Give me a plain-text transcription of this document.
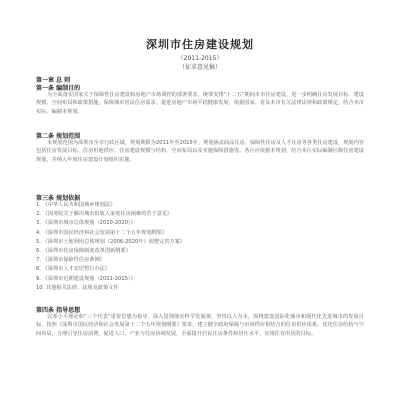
深圳市住房建设规划
（2011-2015）
（征求意见稿）
第一章 总 则
第一条 编制目的
为全面落实国家关于保障性住房建设和房地产市场调控的部署要求，统筹安排“十二五”期间本市住房建设，进一步明确住房发展目标、建设规模、空间布局和政策措施，保障城市居民住房需求，促进房地产市场平稳健康发展，依据国家、省及本市有关法律法规和政策规定，结合本市实际，编制本规划。
第二条 规划范围
本规划范围为深圳市全市行政区域，规划期限为2011年至2015年。规划涵盖商品住房、保障性住房及人才住房等各类住房建设，规划内容包括住房发展目标、住房用地供应、住房建设规模与结构、空间布局以及实施保障措施等。各区应依据本规划，结合本区实际编制区级住房建设规划，并纳入年度住房建设计划组织实施。
第三条 规划依据
1. 《中华人民共和国城乡规划法》
2. 《国务院关于解决城市低收入家庭住房困难的若干意见》
3. 《深圳市城市总体规划（2010-2020）》
4. 《深圳市国民经济和社会发展第十二个五年规划纲要》
5. 《深圳市土地利用总体规划（2006-2020年）调整完善方案》
6. 《深圳市住房保障制度改革创新纲要》
7. 《深圳市保障性住房条例》
8. 《深圳市人才安居暂行办法》
9. 《深圳市近期建设规划（2011-2015）》
10. 其他相关法律、法规及政策文件
第四条 指导思想
以邓小平理论和“三个代表”重要思想为指导，深入贯彻落实科学发展观，坚持以人为本，围绕建设国际化城市和现代化先进城市的发展目标，按照《深圳市国民经济和社会发展第十二个五年规划纲要》要求，建立健全政府保障与市场供应相结合的住房供应体系，优化住房结构与空间布局，合理引导住房消费，促进人口、产业与住房协调发展，全面提升居民住房条件和居住水平，实现住有所居的目标。
